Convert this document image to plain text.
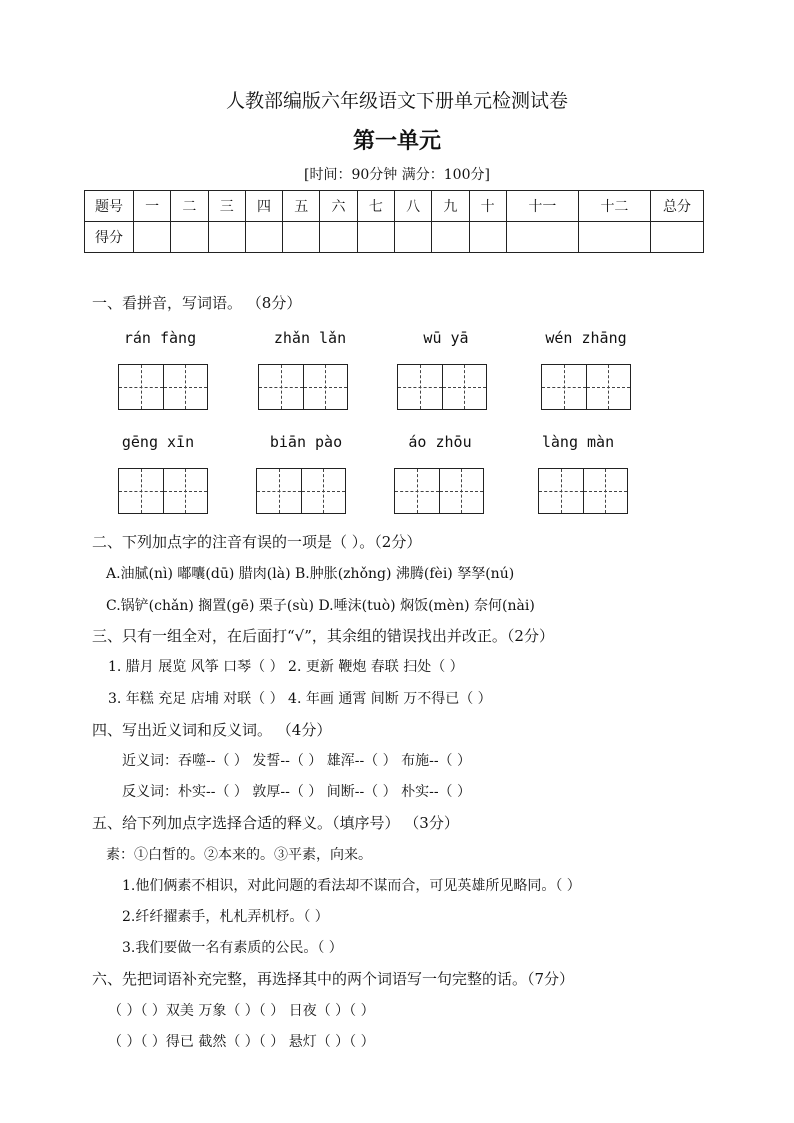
人教部编版六年级语文下册单元检测试卷
第一单元
[时间：90分钟 满分：100分]
题号	一	二	三	四	五	六	七	八	九	十	十一	十二	总分
得分													
一、看拼音，写词语。 （8分）
rán fàng	zhǎn lǎn	wū yā	wén zhāng
gēng xīn	biān pào	áo zhōu	làng màn
二、下列加点字的注音有误的一项是（ ）。（2分）
A.油腻(nì) 嘟囔(dū) 腊肉(là) B.肿胀(zhǒng) 沸腾(fèi) 孥孥(nú)
C.锅铲(chǎn) 搁置(gē) 栗子(sù) D.唾沫(tuò) 焖饭(mèn) 奈何(nài)
三、只有一组全对，在后面打“√”，其余组的错误找出并改正。（2分）
1. 腊月 展览 风筝 口琴（ ） 2. 更新 鞭炮 春联 扫处（ ）
3. 年糕 充足 店埔 对联（ ） 4. 年画 通霄 间断 万不得已（ ）
四、写出近义词和反义词。 （4分）
近义词：吞噬--（ ） 发誓--（ ） 雄浑--（ ） 布施--（ ）
反义词：朴实--（ ） 敦厚--（ ） 间断--（ ） 朴实--（ ）
五、给下列加点字选择合适的释义。（填序号） （3分）
素：①白皙的。②本来的。③平素，向来。
1.他们俩素不相识，对此问题的看法却不谋而合，可见英雄所见略同。（ ）
2.纤纤擢素手，札札弄机杼。（ ）
3.我们要做一名有素质的公民。（ ）
六、先把词语补充完整，再选择其中的两个词语写一句完整的话。（7分）
（ ）（ ）双美 万象（ ）（ ） 日夜（ ）（ ）
（ ）（ ）得已 截然（ ）（ ） 悬灯（ ）（ ）
